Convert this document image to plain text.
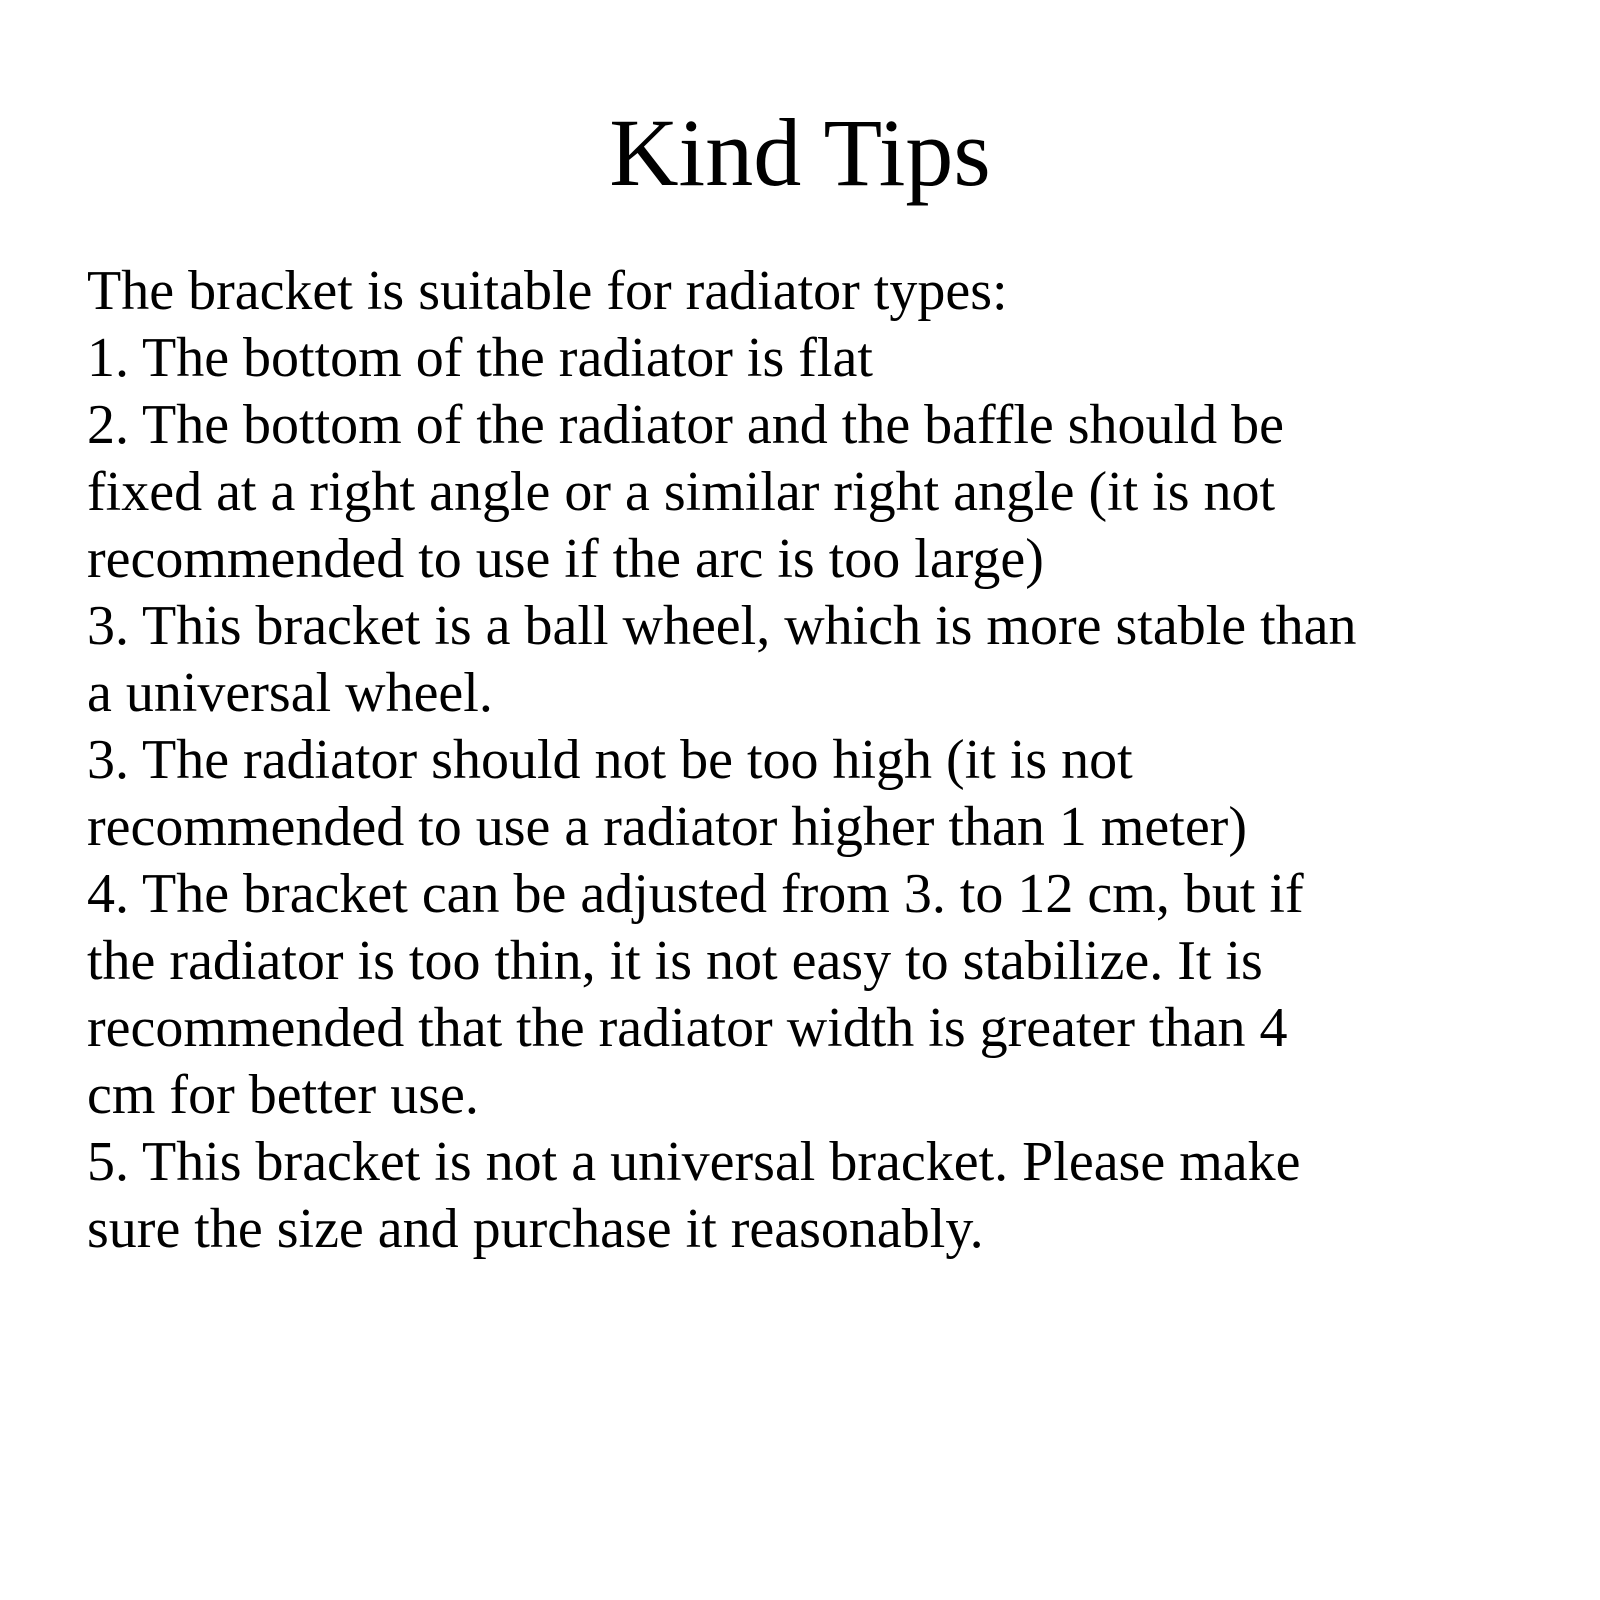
Kind Tips
The bracket is suitable for radiator types:
1. The bottom of the radiator is flat
2. The bottom of the radiator and the baffle should be
fixed at a right angle or a similar right angle (it is not
recommended to use if the arc is too large)
3. This bracket is a ball wheel, which is more stable than
a universal wheel.
3. The radiator should not be too high (it is not
recommended to use a radiator higher than 1 meter)
4. The bracket can be adjusted from 3. to 12 cm, but if
the radiator is too thin, it is not easy to stabilize. It is
recommended that the radiator width is greater than 4
cm for better use.
5. This bracket is not a universal bracket. Please make
sure the size and purchase it reasonably.
